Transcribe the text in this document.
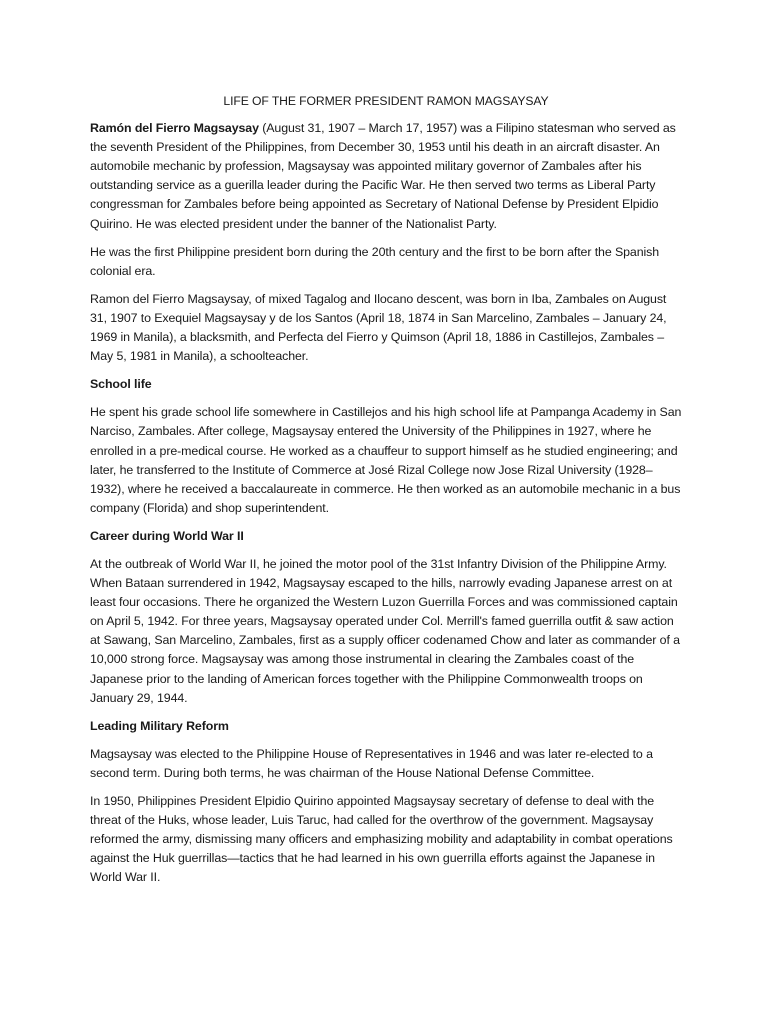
LIFE OF THE FORMER PRESIDENT RAMON MAGSAYSAY

Ramón del Fierro Magsaysay (August 31, 1907 – March 17, 1957) was a Filipino statesman who served as the seventh President of the Philippines, from December 30, 1953 until his death in an aircraft disaster. An automobile mechanic by profession, Magsaysay was appointed military governor of Zambales after his outstanding service as a guerilla leader during the Pacific War. He then served two terms as Liberal Party congressman for Zambales before being appointed as Secretary of National Defense by President Elpidio Quirino. He was elected president under the banner of the Nationalist Party.

He was the first Philippine president born during the 20th century and the first to be born after the Spanish colonial era.

Ramon del Fierro Magsaysay, of mixed Tagalog and Ilocano descent, was born in Iba, Zambales on August 31, 1907 to Exequiel Magsaysay y de los Santos (April 18, 1874 in San Marcelino, Zambales – January 24, 1969 in Manila), a blacksmith, and Perfecta del Fierro y Quimson (April 18, 1886 in Castillejos, Zambales – May 5, 1981 in Manila), a schoolteacher.

School life

He spent his grade school life somewhere in Castillejos and his high school life at Pampanga Academy in San Narciso, Zambales. After college, Magsaysay entered the University of the Philippines in 1927, where he enrolled in a pre-medical course. He worked as a chauffeur to support himself as he studied engineering; and later, he transferred to the Institute of Commerce at José Rizal College now Jose Rizal University (1928–1932), where he received a baccalaureate in commerce. He then worked as an automobile mechanic in a bus company (Florida) and shop superintendent.

Career during World War II

At the outbreak of World War II, he joined the motor pool of the 31st Infantry Division of the Philippine Army. When Bataan surrendered in 1942, Magsaysay escaped to the hills, narrowly evading Japanese arrest on at least four occasions. There he organized the Western Luzon Guerrilla Forces and was commissioned captain on April 5, 1942. For three years, Magsaysay operated under Col. Merrill's famed guerrilla outfit & saw action at Sawang, San Marcelino, Zambales, first as a supply officer codenamed Chow and later as commander of a 10,000 strong force. Magsaysay was among those instrumental in clearing the Zambales coast of the Japanese prior to the landing of American forces together with the Philippine Commonwealth troops on January 29, 1944.

Leading Military Reform

Magsaysay was elected to the Philippine House of Representatives in 1946 and was later re-elected to a second term. During both terms, he was chairman of the House National Defense Committee.

In 1950, Philippines President Elpidio Quirino appointed Magsaysay secretary of defense to deal with the threat of the Huks, whose leader, Luis Taruc, had called for the overthrow of the government. Magsaysay reformed the army, dismissing many officers and emphasizing mobility and adaptability in combat operations against the Huk guerrillas—tactics that he had learned in his own guerrilla efforts against the Japanese in World War II.
